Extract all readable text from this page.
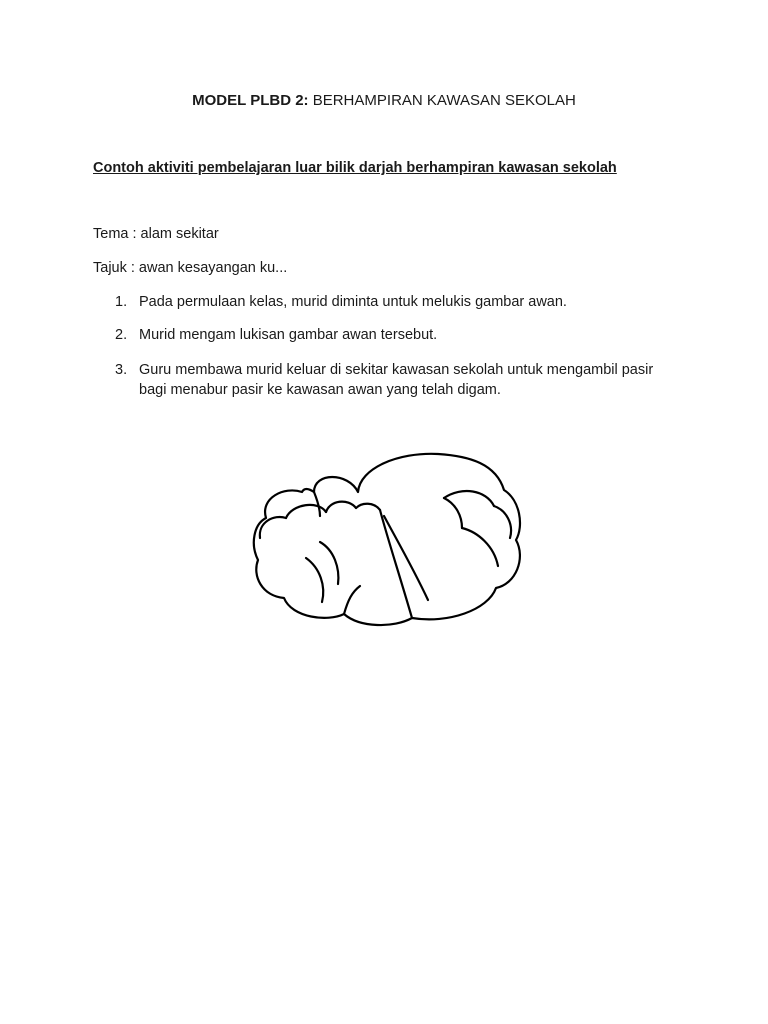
MODEL PLBD 2: BERHAMPIRAN KAWASAN SEKOLAH
Contoh aktiviti pembelajaran luar bilik darjah berhampiran kawasan sekolah
Tema : alam sekitar
Tajuk : awan kesayangan ku...
1. Pada permulaan kelas, murid diminta untuk melukis gambar awan.
2. Murid mengam lukisan gambar awan tersebut.
3. Guru membawa murid keluar di sekitar kawasan sekolah untuk mengambil pasir bagi menabur pasir ke kawasan awan yang telah digam.
